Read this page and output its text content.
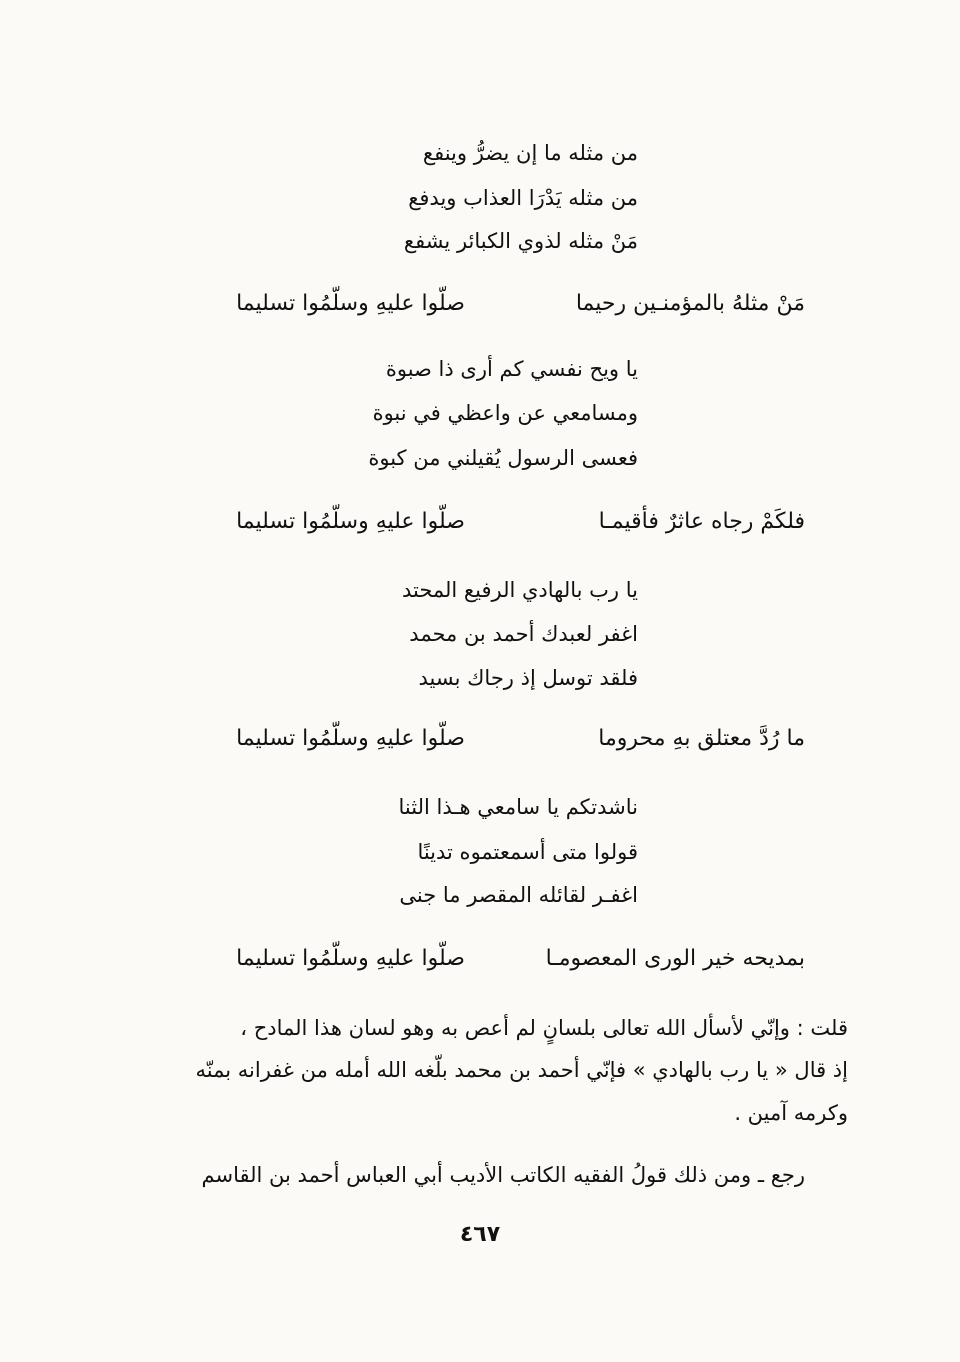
من مثله ما إن يضرُّ وينفع
من مثله يَدْرَا العذاب ويدفع
مَنْ مثله لذوي الكبائر يشفع
مَنْ مثلهُ بالمؤمنـين رحيماصلّوا عليهِ وسلّمُوا تسليما
يا ويح نفسي كم أرى ذا صبوة
ومسامعي عن واعظي في نبوة
فعسى الرسول يُقيلني من كبوة
فلكَمْ رجاه عاثرٌ فأقيمـاصلّوا عليهِ وسلّمُوا تسليما
يا رب بالهادي الرفيع المحتد
اغفر لعبدك أحمد بن محمد
فلقد توسل إذ رجاك بسيد
ما رُدَّ معتلق بهِ محروماصلّوا عليهِ وسلّمُوا تسليما
ناشدتكم يا سامعي هـذا الثنا
قولوا متى أسمعتموه تدينًا
اغفـر لقائله المقصر ما جنى
بمديحه خير الورى المعصومـاصلّوا عليهِ وسلّمُوا تسليما
قلت : وإنّي لأسأل الله تعالى بلسانٍ لم أعص به وهو لسان هذا المادح ،
إذ قال « يا رب بالهادي » فإنّي أحمد بن محمد بلّغه الله أمله من غفرانه بمنّه
وكرمه آمين .
رجع ـ ومن ذلك قولُ الفقيه الكاتب الأديب أبي العباس أحمد بن القاسم
٤٦٧
